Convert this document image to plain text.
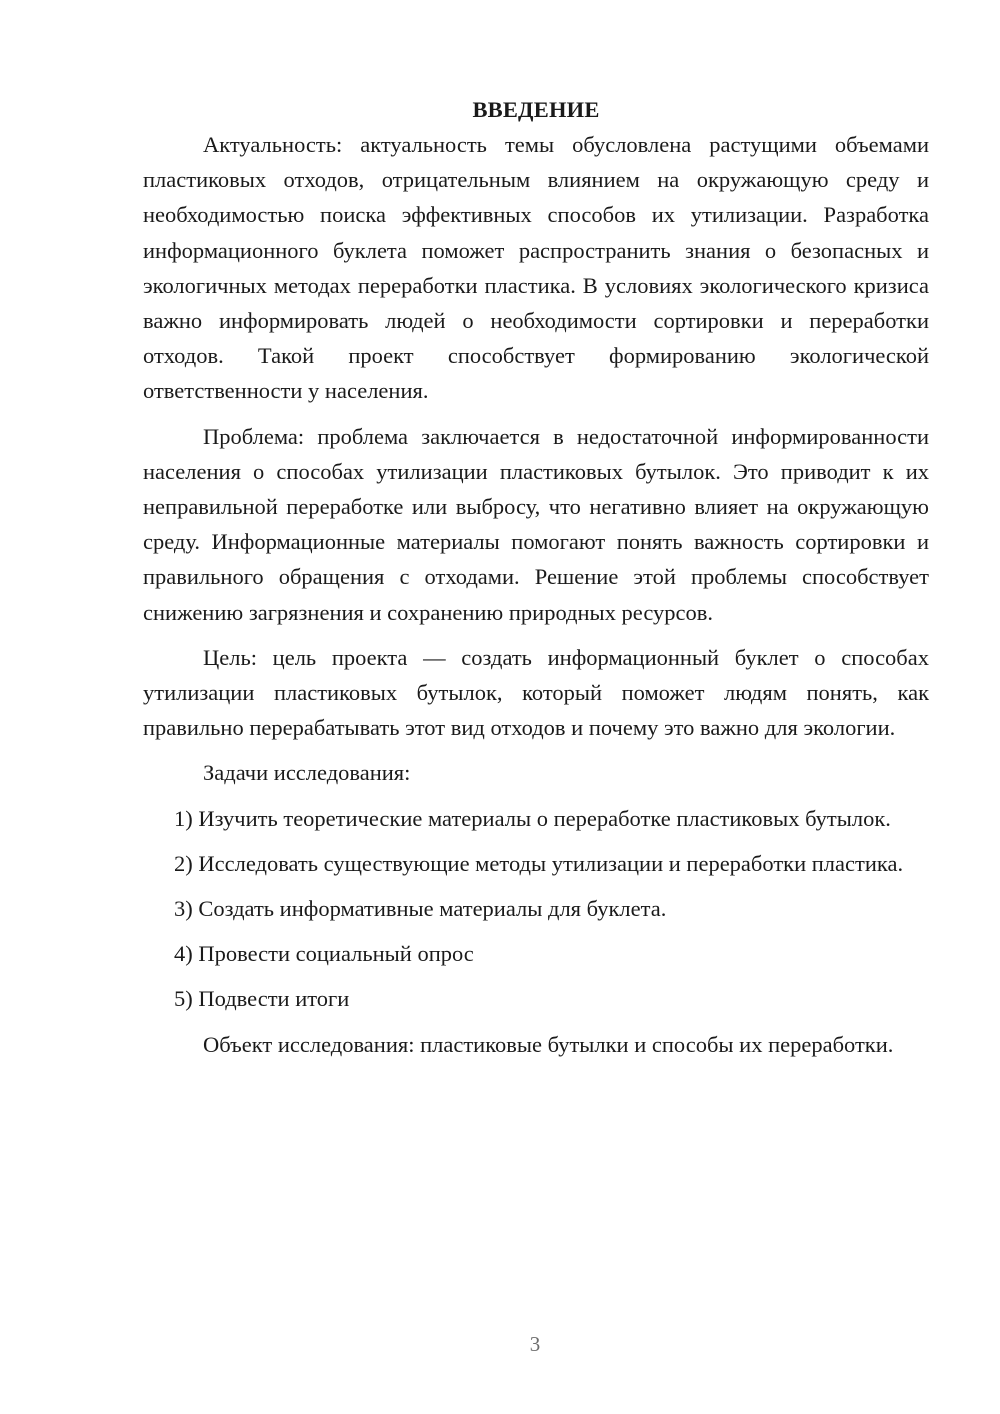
ВВЕДЕНИЕ

Актуальность: актуальность темы обусловлена растущими объемами пластиковых отходов, отрицательным влиянием на окружающую среду и необходимостью поиска эффективных способов их утилизации. Разработка информационного буклета поможет распространить знания о безопасных и экологичных методах переработки пластика. В условиях экологического кризиса важно информировать людей о необходимости сортировки и переработки отходов. Такой проект способствует формированию экологической ответственности у населения.

Проблема: проблема заключается в недостаточной информированности населения о способах утилизации пластиковых бутылок. Это приводит к их неправильной переработке или выбросу, что негативно влияет на окружающую среду. Информационные материалы помогают понять важность сортировки и правильного обращения с отходами. Решение этой проблемы способствует снижению загрязнения и сохранению природных ресурсов.

Цель: цель проекта — создать информационный буклет о способах утилизации пластиковых бутылок, который поможет людям понять, как правильно перерабатывать этот вид отходов и почему это важно для экологии.

Задачи исследования:

1) Изучить теоретические материалы о переработке пластиковых бутылок.

2) Исследовать существующие методы утилизации и переработки пластика.

3) Создать информативные материалы для буклета.

4) Провести социальный опрос

5) Подвести итоги

Объект исследования: пластиковые бутылки и способы их переработки.

3
